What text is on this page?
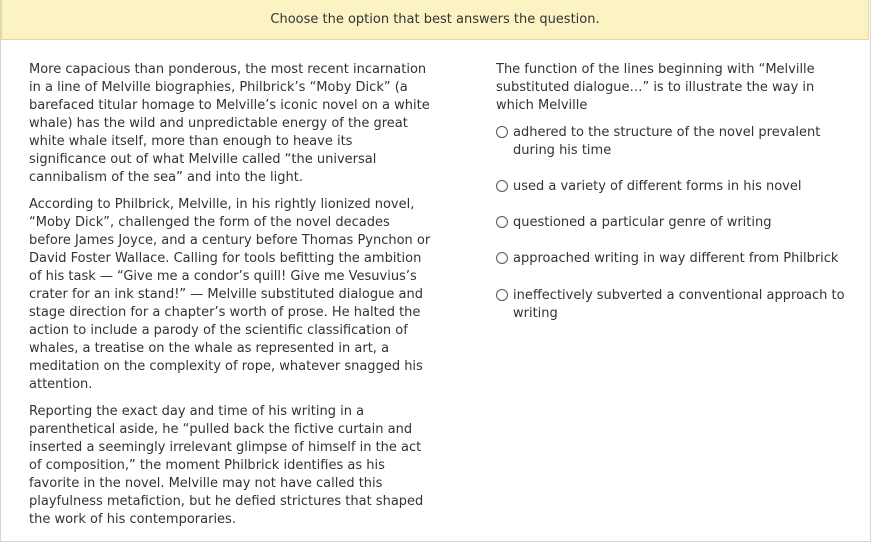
Choose the option that best answers the question.

More capacious than ponderous, the most recent incarnation in a line of Melville biographies, Philbrick’s “Moby Dick” (a barefaced titular homage to Melville’s iconic novel on a white whale) has the wild and unpredictable energy of the great white whale itself, more than enough to heave its significance out of what Melville called “the universal cannibalism of the sea” and into the light.

According to Philbrick, Melville, in his rightly lionized novel, “Moby Dick”, challenged the form of the novel decades before James Joyce, and a century before Thomas Pynchon or David Foster Wallace. Calling for tools befitting the ambition of his task — “Give me a condor’s quill! Give me Vesuvius’s crater for an ink stand!” — Melville substituted dialogue and stage direction for a chapter’s worth of prose. He halted the action to include a parody of the scientific classification of whales, a treatise on the whale as represented in art, a meditation on the complexity of rope, whatever snagged his attention.

Reporting the exact day and time of his writing in a parenthetical aside, he “pulled back the fictive curtain and inserted a seemingly irrelevant glimpse of himself in the act of composition,” the moment Philbrick identifies as his favorite in the novel. Melville may not have called this playfulness metafiction, but he defied strictures that shaped the work of his contemporaries.

The function of the lines beginning with “Melville substituted dialogue…” is to illustrate the way in which Melville
adhered to the structure of the novel prevalent during his time
used a variety of different forms in his novel
questioned a particular genre of writing
approached writing in way different from Philbrick
ineffectively subverted a conventional approach to writing
